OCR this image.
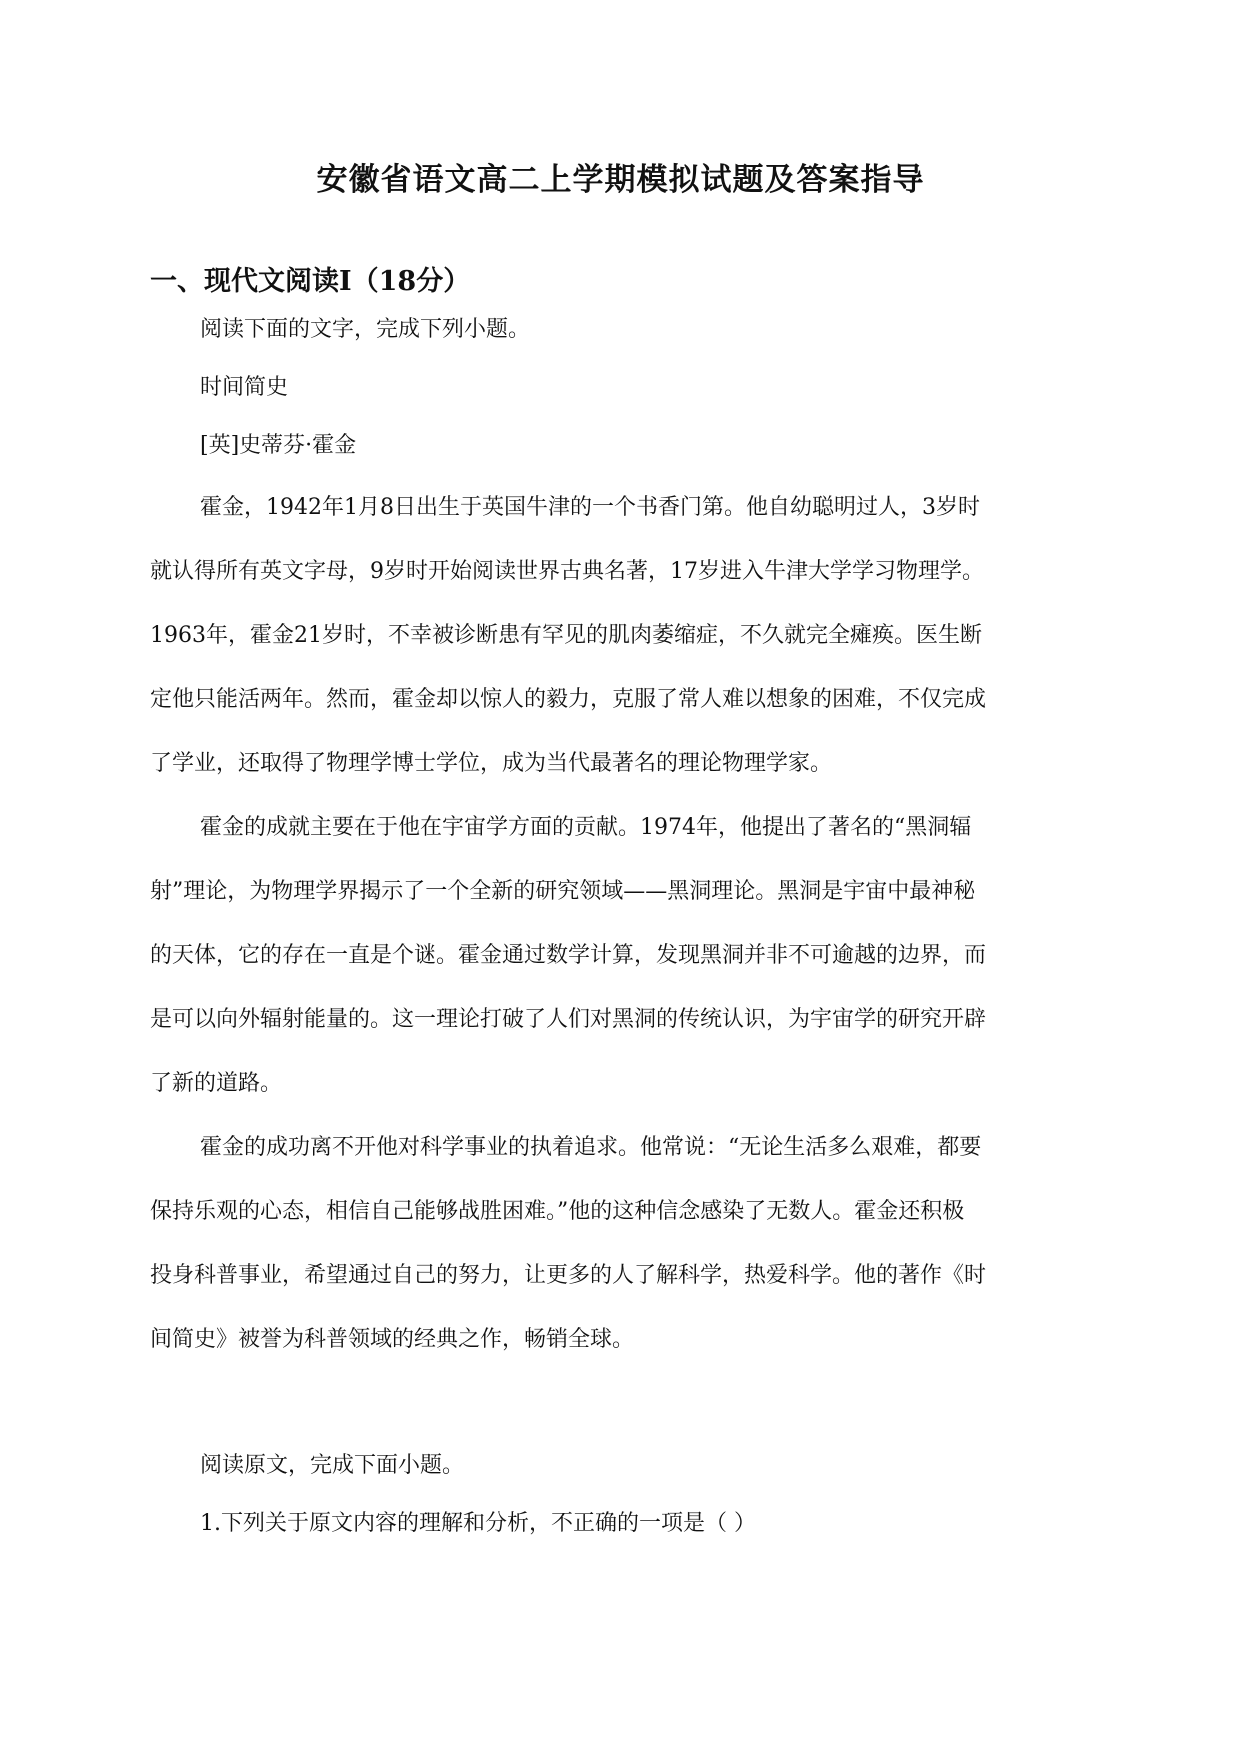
安徽省语文高二上学期模拟试题及答案指导
一、现代文阅读Ⅰ（18分）
阅读下面的文字，完成下列小题。
时间简史
[英]史蒂芬·霍金

霍金，1942年1月8日出生于英国牛津的一个书香门第。他自幼聪明过人，3岁时
就认得所有英文字母，9岁时开始阅读世界古典名著，17岁进入牛津大学学习物理学。
1963年，霍金21岁时，不幸被诊断患有罕见的肌肉萎缩症，不久就完全瘫痪。医生断
定他只能活两年。然而，霍金却以惊人的毅力，克服了常人难以想象的困难，不仅完成
了学业，还取得了物理学博士学位，成为当代最著名的理论物理学家。

霍金的成就主要在于他在宇宙学方面的贡献。1974年，他提出了著名的“黑洞辐
射”理论，为物理学界揭示了一个全新的研究领域——黑洞理论。黑洞是宇宙中最神秘
的天体，它的存在一直是个谜。霍金通过数学计算，发现黑洞并非不可逾越的边界，而
是可以向外辐射能量的。这一理论打破了人们对黑洞的传统认识，为宇宙学的研究开辟
了新的道路。

霍金的成功离不开他对科学事业的执着追求。他常说：“无论生活多么艰难，都要
保持乐观的心态，相信自己能够战胜困难。”他的这种信念感染了无数人。霍金还积极
投身科普事业，希望通过自己的努力，让更多的人了解科学，热爱科学。他的著作《时
间简史》被誉为科普领域的经典之作，畅销全球。

阅读原文，完成下面小题。
1.下列关于原文内容的理解和分析，不正确的一项是（ ）
